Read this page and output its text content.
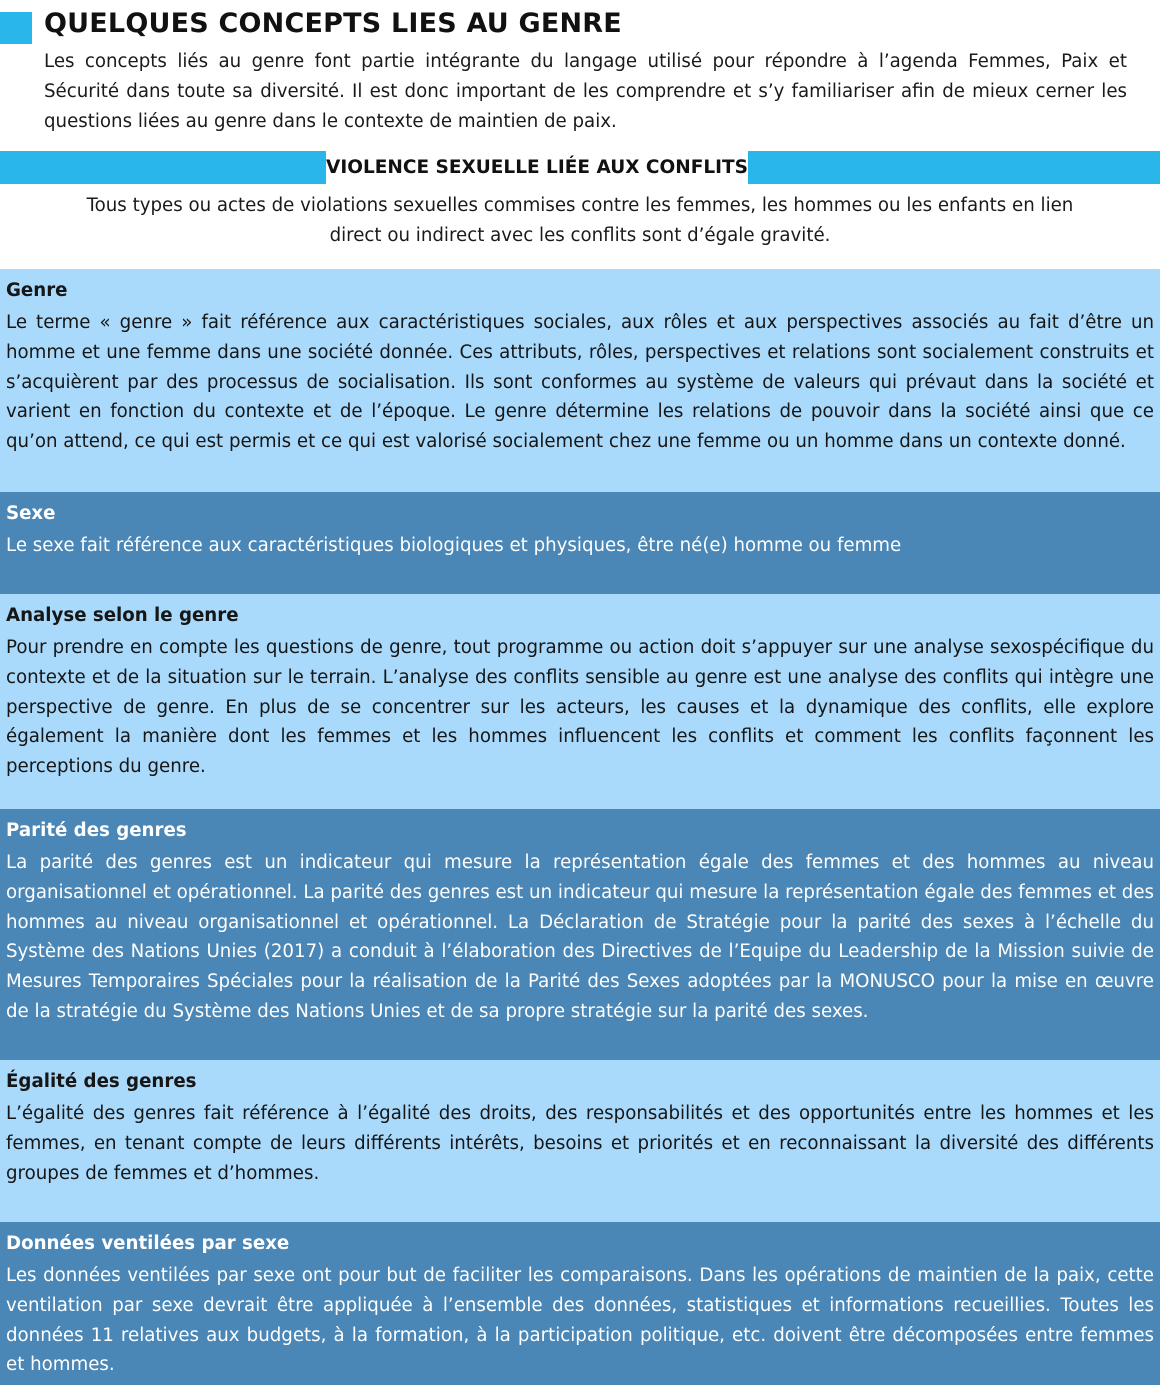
QUELQUES CONCEPTS LIES AU GENRE

Les concepts liés au genre font partie intégrante du langage utilisé pour répondre à l’agenda Femmes, Paix et Sécurité dans toute sa diversité. Il est donc important de les comprendre et s’y familiariser afin de mieux cerner les questions liées au genre dans le contexte de maintien de paix.

VIOLENCE SEXUELLE LIÉE AUX CONFLITS

Tous types ou actes de violations sexuelles commises contre les femmes, les hommes ou les enfants en lien direct ou indirect avec les conflits sont d’égale gravité.

Genre
Le terme « genre » fait référence aux caractéristiques sociales, aux rôles et aux perspectives associés au fait d’être un homme et une femme dans une société donnée. Ces attributs, rôles, perspectives et relations sont socialement construits et s’acquièrent par des processus de socialisation. Ils sont conformes au système de valeurs qui prévaut dans la société et varient en fonction du contexte et de l’époque. Le genre détermine les relations de pouvoir dans la société ainsi que ce qu’on attend, ce qui est permis et ce qui est valorisé socialement chez une femme ou un homme dans un contexte donné.
Sexe
Le sexe fait référence aux caractéristiques biologiques et physiques, être né(e) homme ou femme
Analyse selon le genre
Pour prendre en compte les questions de genre, tout programme ou action doit s’appuyer sur une analyse sexospécifique du contexte et de la situation sur le terrain. L’analyse des conflits sensible au genre est une analyse des conflits qui intègre une perspective de genre. En plus de se concentrer sur les acteurs, les causes et la dynamique des conflits, elle explore également la manière dont les femmes et les hommes influencent les conflits et comment les conflits façonnent les perceptions du genre.
Parité des genres
La parité des genres est un indicateur qui mesure la représentation égale des femmes et des hommes au niveau organisationnel et opérationnel. La parité des genres est un indicateur qui mesure la représentation égale des femmes et des hommes au niveau organisationnel et opérationnel. La Déclaration de Stratégie pour la parité des sexes à l’échelle du Système des Nations Unies (2017) a conduit à l’élaboration des Directives de l’Equipe du Leadership de la Mission suivie de Mesures Temporaires Spéciales pour la réalisation de la Parité des Sexes adoptées par la MONUSCO pour la mise en œuvre de la stratégie du Système des Nations Unies et de sa propre stratégie sur la parité des sexes.
Égalité des genres
L’égalité des genres fait référence à l’égalité des droits, des responsabilités et des opportunités entre les hommes et les femmes, en tenant compte de leurs différents intérêts, besoins et priorités et en reconnaissant la diversité des différents groupes de femmes et d’hommes.
Données ventilées par sexe
Les données ventilées par sexe ont pour but de faciliter les comparaisons. Dans les opérations de maintien de la paix, cette ventilation par sexe devrait être appliquée à l’ensemble des données, statistiques et informations recueillies. Toutes les données 11 relatives aux budgets, à la formation, à la participation politique, etc. doivent être décomposées entre femmes et hommes.
